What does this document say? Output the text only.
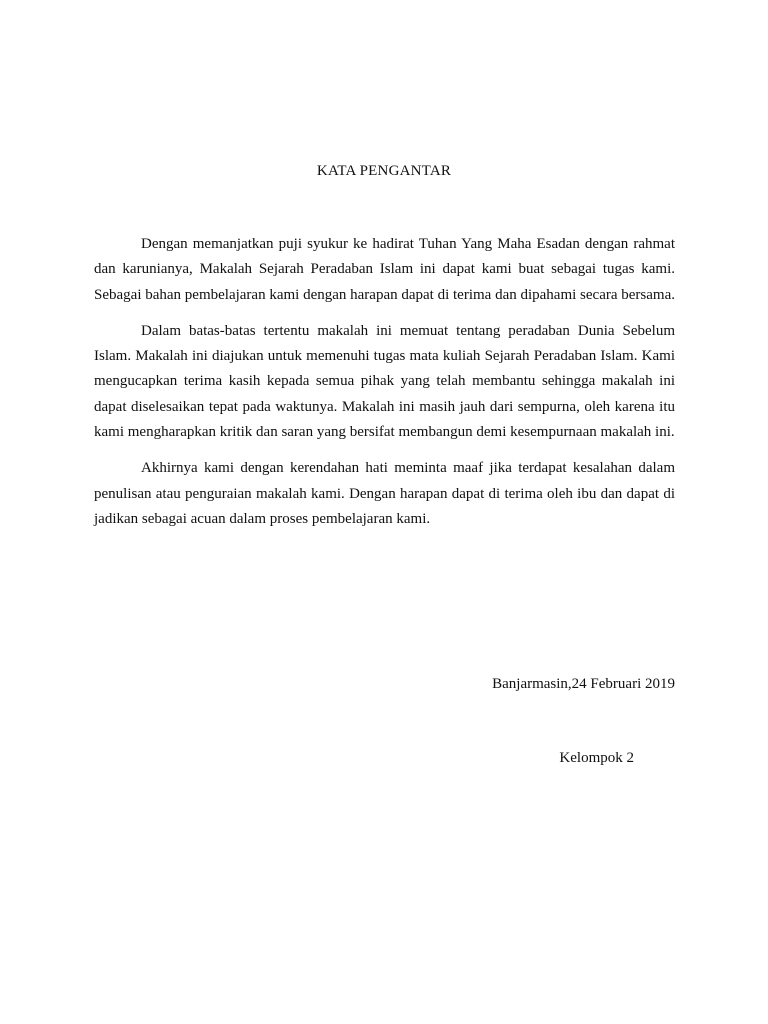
KATA PENGANTAR

Dengan memanjatkan puji syukur ke hadirat Tuhan Yang Maha Esadan dengan rahmat dan karunianya, Makalah Sejarah Peradaban Islam ini dapat kami buat sebagai tugas kami. Sebagai bahan pembelajaran kami dengan harapan dapat di terima dan dipahami secara bersama.

Dalam batas-batas tertentu makalah ini memuat tentang peradaban Dunia Sebelum Islam. Makalah ini diajukan untuk memenuhi tugas mata kuliah Sejarah Peradaban Islam. Kami mengucapkan terima kasih kepada semua pihak yang telah membantu sehingga makalah ini dapat diselesaikan tepat pada waktunya. Makalah ini masih jauh dari sempurna, oleh karena itu kami mengharapkan kritik dan saran yang bersifat membangun demi kesempurnaan makalah ini.

Akhirnya kami dengan kerendahan hati meminta maaf jika terdapat kesalahan dalam penulisan atau penguraian makalah kami. Dengan harapan dapat di terima oleh ibu dan dapat di jadikan sebagai acuan dalam proses pembelajaran kami.

Banjarmasin,24 Februari 2019
Kelompok 2
